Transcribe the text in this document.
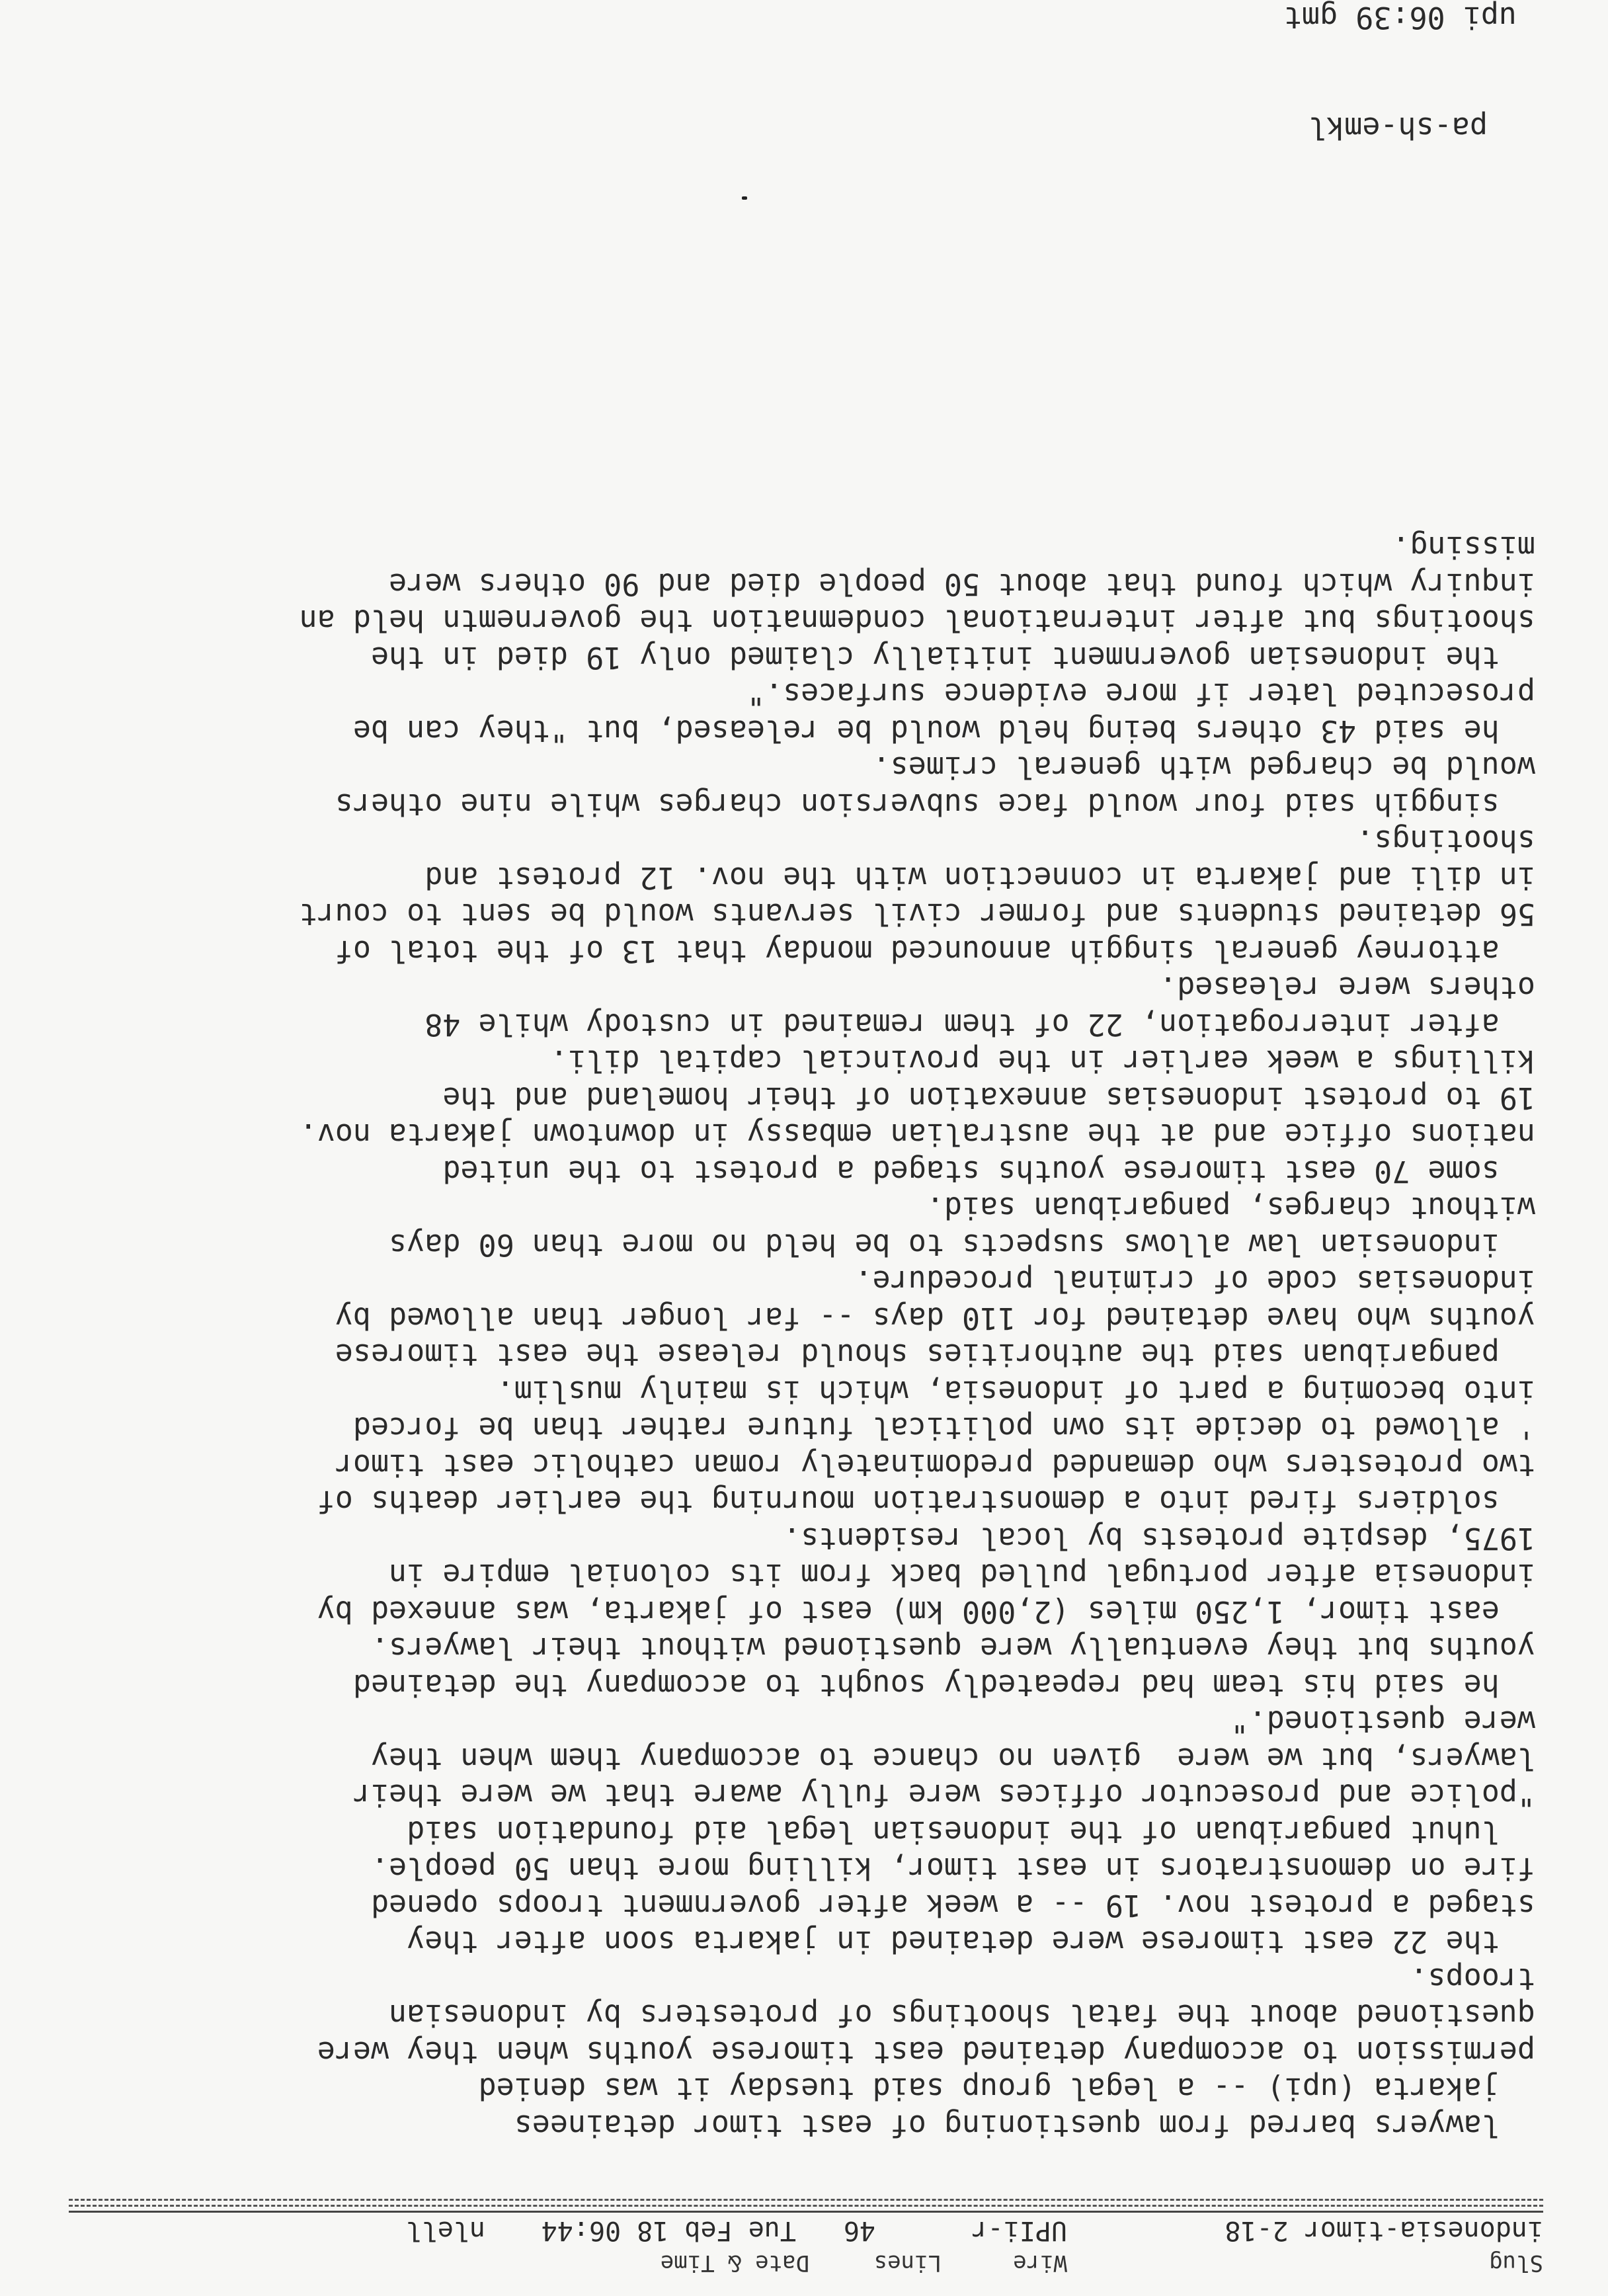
Slug
Wire
Lines
Date & Time
indonesia-timor 2-18
UPIi-r
46
Tue Feb 18 06:44
nlell
lawyers barred from questioning of east timor detainees
jakarta (upi) -- a legal group said tuesday it was denied
permission to accompany detained east timorese youths when they were
questioned about the fatal shootings of protesters by indonesian
troops.
the 22 east timorese were detained in jakarta soon after they
staged a protest nov. 19 -- a week after government troops opened
fire on demonstrators in east timor, killing more than 50 people.
luhut pangaribuan of the indonesian legal aid foundation said
"police and prosecutor offices were fully aware that we were their
lawyers, but we were  given no chance to accompany them when they
were questioned."
he said his team had repeatedly sought to accompany the detained
youths but they eventually were questioned without their lawyers.
east timor, 1,250 miles (2,000 km) east of jakarta, was annexed by
indonesia after portugal pulled back from its colonial empire in
1975, despite protests by local residents.
soldiers fired into a demonstration mourning the earlier deaths of
two protesters who demanded predominately roman catholic east timor
' allowed to decide its own political future rather than be forced
into becoming a part of indonesia, which is mainly muslim.
pangaribuan said the authorities should release the east timorese
youths who have detained for 110 days -- far longer than allowed by
indonesias code of criminal procedure.
indonesian law allows suspects to be held no more than 60 days
without charges, pangaribuan said.
some 70 east timorese youths staged a protest to the united
nations office and at the australian embassy in downtown jakarta nov.
19 to protest indonesias annexation of their homeland and the
killings a week earlier in the provincial capital dili.
after interrogation, 22 of them remained in custody while 48
others were released.
attorney general singgih announced monday that 13 of the total of
56 detained students and former civil servants would be sent to court
in dili and jakarta in connection with the nov. 12 protest and
shootings.
singgih said four would face subversion charges while nine others
would be charged with general crimes.
he said 43 others being held would be released, but "they can be
prosecuted later if more evidence surfaces."
the indonesian government initially claimed only 19 died in the
shootings but after international condemnation the governemtn held an
inquiry which found that about 50 people died and 90 others were
missing.

pa-sh-emkl

upi 06:39 gmt
